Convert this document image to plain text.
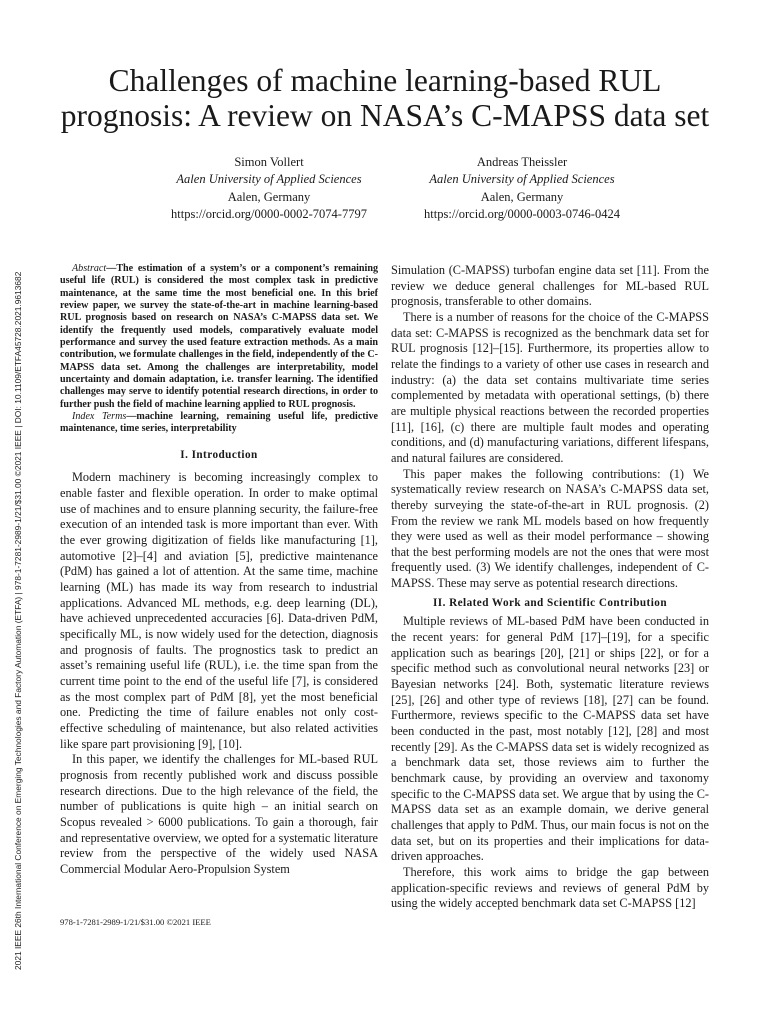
2021 IEEE 26th International Conference on Emerging Technologies and Factory Automation (ETFA) | 978-1-7281-2989-1/21/$31.00 ©2021 IEEE | DOI: 10.1109/ETFA45728.2021.9613682
Challenges of machine learning-based RUL
prognosis: A review on NASA’s C-MAPSS data set
Simon Vollert
Aalen University of Applied Sciences
Aalen, Germany
https://orcid.org/0000-0002-7074-7797
Andreas Theissler
Aalen University of Applied Sciences
Aalen, Germany
https://orcid.org/0000-0003-0746-0424

Abstract—The estimation of a system’s or a component’s remaining useful life (RUL) is considered the most complex task in predictive maintenance, at the same time the most beneficial one. In this brief review paper, we survey the state-of-the-art in machine learning-based RUL prognosis based on research on NASA’s C-MAPSS data set. We identify the frequently used models, comparatively evaluate model performance and survey the used feature extraction methods. As a main contribution, we formulate challenges in the field, independently of the C-MAPSS data set. Among the challenges are interpretability, model uncertainty and domain adaptation, i.e. transfer learning. The identified challenges may serve to identify potential research directions, in order to further push the field of machine learning applied to RUL prognosis.

Index Terms—machine learning, remaining useful life, predictive maintenance, time series, interpretability

I. Introduction

Modern machinery is becoming increasingly complex to enable faster and flexible operation. In order to make optimal use of machines and to ensure planning security, the failure-free execution of an intended task is more important than ever. With the ever growing digitization of fields like manufacturing [1], automotive [2]–[4] and aviation [5], predictive maintenance (PdM) has gained a lot of attention. At the same time, machine learning (ML) has made its way from research to industrial applications. Advanced ML methods, e.g. deep learning (DL), have achieved unprecedented accuracies [6]. Data-driven PdM, specifically ML, is now widely used for the detection, diagnosis and prognosis of faults. The prognostics task to predict an asset’s remaining useful life (RUL), i.e. the time span from the current time point to the end of the useful life [7], is considered as the most complex part of PdM [8], yet the most beneficial one. Predicting the time of failure enables not only cost-effective scheduling of maintenance, but also related activities like spare part provisioning [9], [10].

In this paper, we identify the challenges for ML-based RUL prognosis from recently published work and discuss possible research directions. Due to the high relevance of the field, the number of publications is quite high – an initial search on Scopus revealed > 6000 publications. To gain a thorough, fair and representative overview, we opted for a systematic literature review from the perspective of the widely used NASA Commercial Modular Aero-Propulsion System

Simulation (C-MAPSS) turbofan engine data set [11]. From the review we deduce general challenges for ML-based RUL prognosis, transferable to other domains.

There is a number of reasons for the choice of the C-MAPSS data set: C-MAPSS is recognized as the benchmark data set for RUL prognosis [12]–[15]. Furthermore, its properties allow to relate the findings to a variety of other use cases in research and industry: (a) the data set contains multivariate time series complemented by metadata with operational settings, (b) there are multiple physical reactions between the recorded properties [11], [16], (c) there are multiple fault modes and operating conditions, and (d) manufacturing variations, different lifespans, and natural failures are considered.

This paper makes the following contributions: (1) We systematically review research on NASA’s C-MAPSS data set, thereby surveying the state-of-the-art in RUL prognosis. (2) From the review we rank ML models based on how frequently they were used as well as their model performance – showing that the best performing models are not the ones that were most frequently used. (3) We identify challenges, independent of C-MAPSS. These may serve as potential research directions.

II. Related Work and Scientific Contribution

Multiple reviews of ML-based PdM have been conducted in the recent years: for general PdM [17]–[19], for a specific application such as bearings [20], [21] or ships [22], or for a specific method such as convolutional neural networks [23] or Bayesian networks [24]. Both, systematic literature reviews [25], [26] and other type of reviews [18], [27] can be found. Furthermore, reviews specific to the C-MAPSS data set have been conducted in the past, most notably [12], [28] and most recently [29]. As the C-MAPSS data set is widely recognized as a benchmark data set, those reviews aim to further the benchmark cause, by providing an overview and taxonomy specific to the C-MAPSS data set. We argue that by using the C-MAPSS data set as an example domain, we derive general challenges that apply to PdM. Thus, our main focus is not on the data set, but on its properties and their implications for data-driven approaches.

Therefore, this work aims to bridge the gap between application-specific reviews and reviews of general PdM by using the widely accepted benchmark data set C-MAPSS [12]

978-1-7281-2989-1/21/$31.00 ©2021 IEEE
